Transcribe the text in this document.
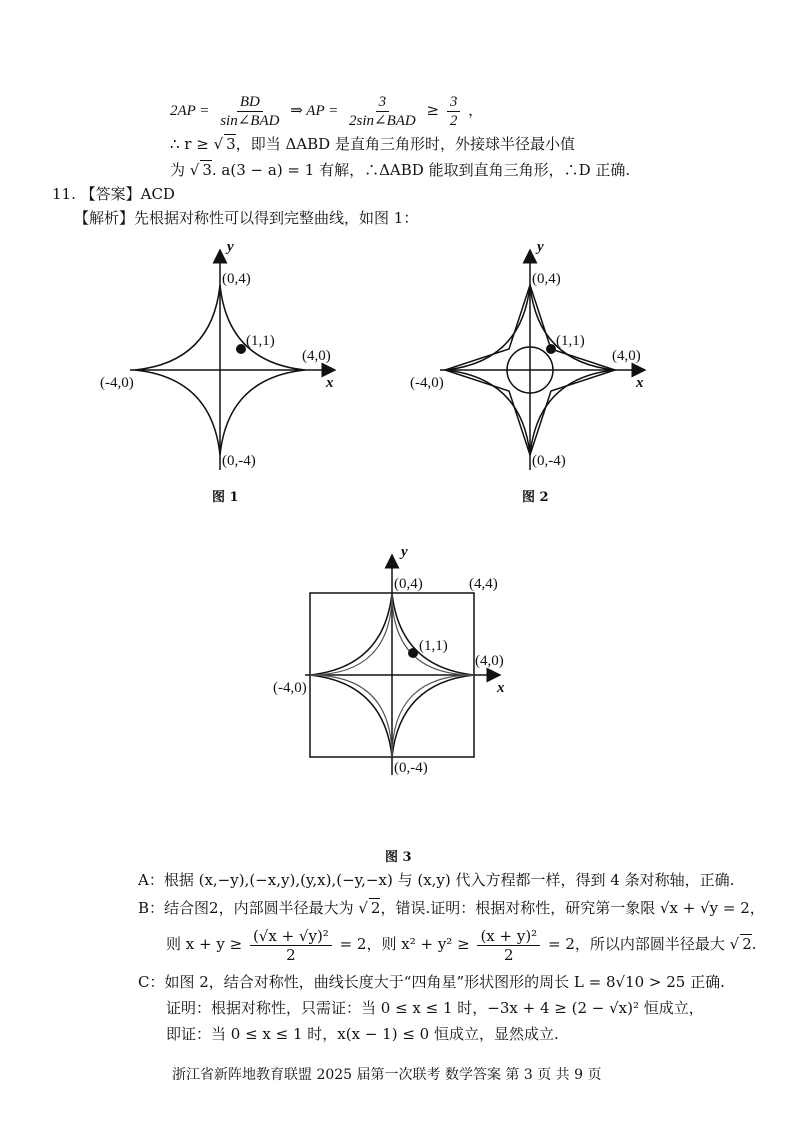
$2AP = \frac{BD}{\text{sin∠BAD}}$ ⇒ AP = $\frac{3}{\text{2sin∠BAD}} \ge \frac{3}{2}$ ，
∴ r ≥ √ 3，即当 ΔABD 是直角三角形时，外接球半径最小值
为 √ 3. a(3 − a) = 1 有解，∴ΔABD 能取到直角三角形，∴D 正确.
11. 【答案】ACD
【解析】先根据对称性可以得到完整曲线，如图 1：
y
x
(0,4)
(0,-4)
(-4,0)
(4,0)
(1,1)
图 1
y
x
(0,4)
(0,-4)
(-4,0)
(4,0)
(1,1)
图 2
y
x
(0,4)	(4,4)
(0,-4)
(-4,0)
(4,0)
(1,1)
图 3
A：根据 (x,−y),(−x,y),(y,x),(−y,−x) 与 (x,y) 代入方程都一样，得到 4 条对称轴，正确.
B：结合图2，内部圆半径最大为 √ 2，错误.证明：根据对称性，研究第一象限 √x + √y = 2，
则 $x + y \ge \frac{\text{(√x + √y)²}}{2} = 2$，则 $x^2 + y^2 \ge \frac{\text{(x + y)²}}{2} = 2$，所以内部圆半径最大 √ 2.
C：如图 2，结合对称性，曲线长度大于“四角星”形状图形的周长 L = 8√10 > 25 正确.
证明：根据对称性，只需证：当 0 ≤ x ≤ 1 时，−3x + 4 ≥ (2 − √x)² 恒成立，
即证：当 0 ≤ x ≤ 1 时，x(x − 1) ≤ 0 恒成立，显然成立.
浙江省新阵地教育联盟 2025 届第一次联考 数学答案 第 3 页 共 9 页
